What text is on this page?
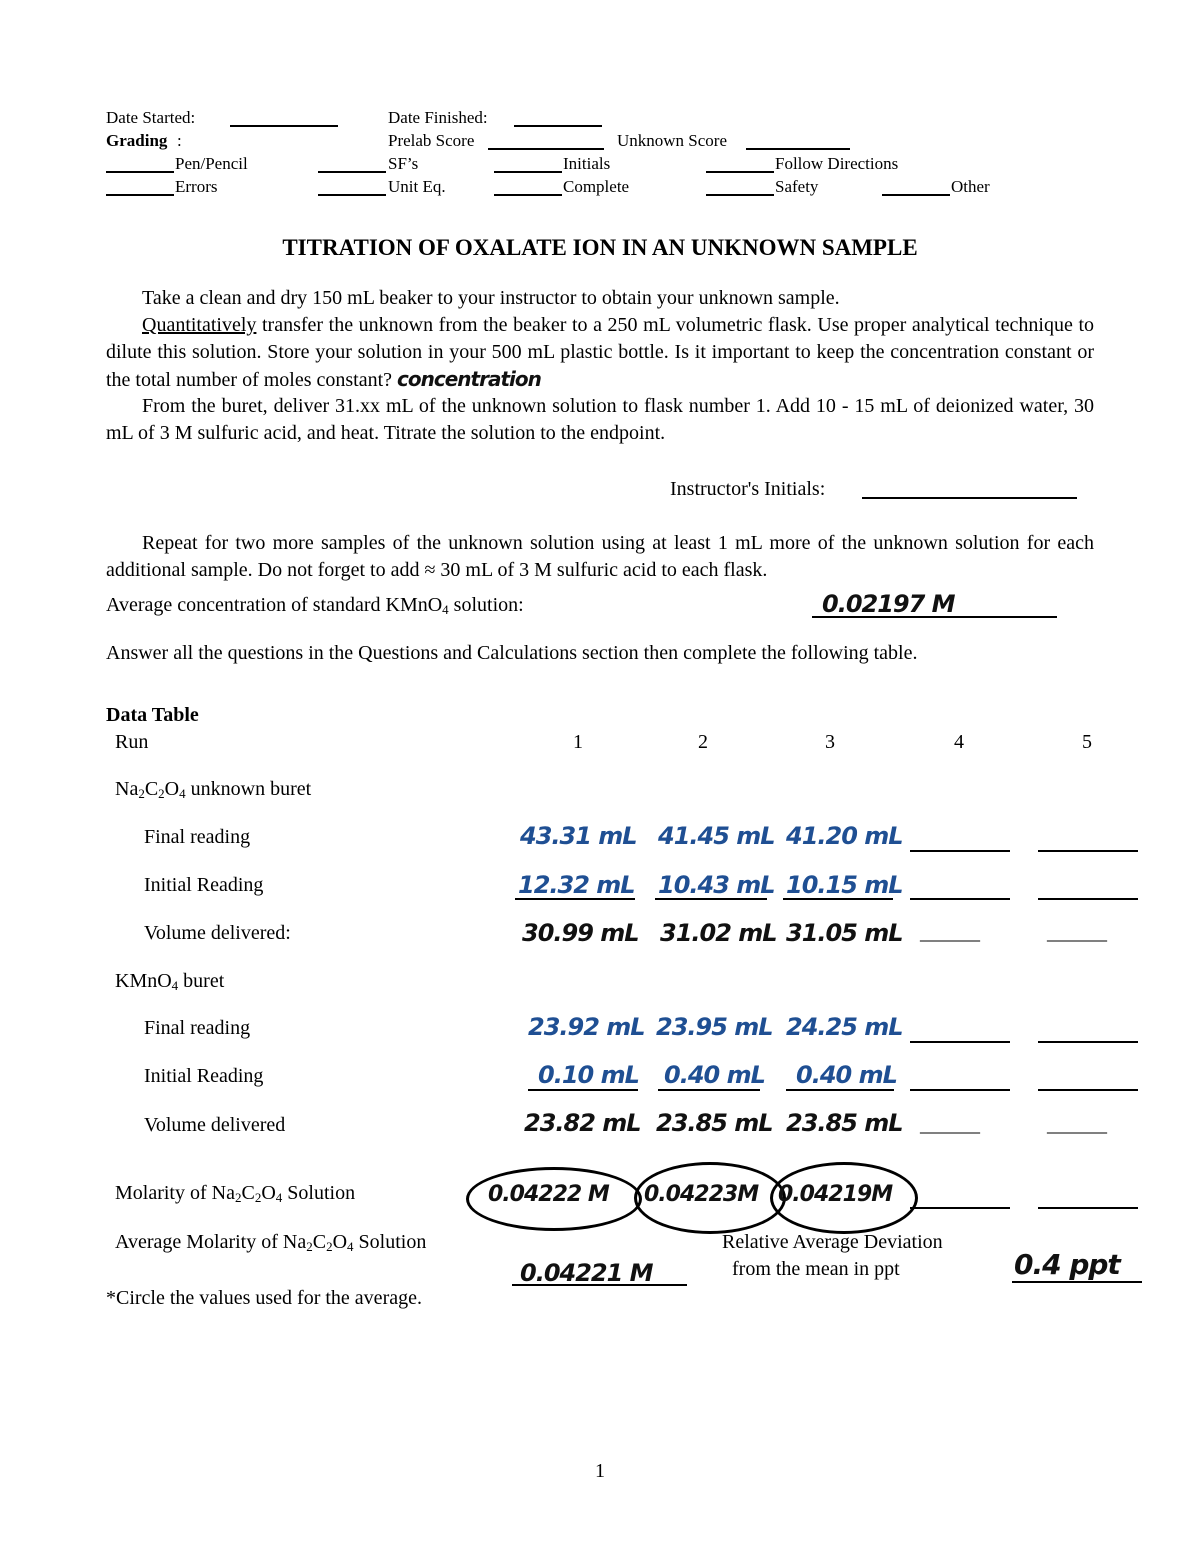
Date Started:	Date Finished:
Grading :	Prelab Score	Unknown Score
Pen/Pencil	SF’s	Initials	Follow Directions
Errors	Unit Eq.	Complete	Safety	Other
TITRATION OF OXALATE ION IN AN UNKNOWN SAMPLE
Take a clean and dry 150 mL beaker to your instructor to obtain your unknown sample.
Quantitatively transfer the unknown from the beaker to a 250 mL volumetric flask. Use proper analytical technique to dilute this solution. Store your solution in your 500 mL plastic bottle. Is it important to keep the concentration constant or the total number of moles constant? concentration
From the buret, deliver 31.xx mL of the unknown solution to flask number 1. Add 10 - 15 mL of deionized water, 30 mL of 3 M sulfuric acid, and heat. Titrate the solution to the endpoint.
Instructor's Initials:
Repeat for two more samples of the unknown solution using at least 1 mL more of the unknown solution for each additional sample. Do not forget to add ≈ 30 mL of 3 M sulfuric acid to each flask.
Average concentration of standard KMnO$_4$ solution:	0.02197 M
Answer all the questions in the Questions and Calculations section then complete the following table.
Data Table
Run	1	2	3	4	5
$Na_2C_2O_4$ unknown buret
Final reading	43.31 mL 41.45 mL 41.20 mL
Initial Reading	12.32 mL 10.43 mL 10.15 mL
Volume delivered:	30.99 mL 31.02 mL 31.05 mL ______	______
KMnO$_4$ buret
Final reading	23.92 mL 23.95 mL 24.25 mL
Initial Reading	0.10 mL 0.40 mL 0.40 mL
Volume delivered	23.82 mL 23.85 mL 23.85 mL ______	______
Molarity of $Na_2C_2O_4$ Solution	0.04222 M 0.04223M 0.04219M
Average Molarity of $Na_2C_2O_4$ Solution
0.04221 M
Relative Average Deviation
from the mean in ppt	0.4 ppt
*Circle the values used for the average.
1
